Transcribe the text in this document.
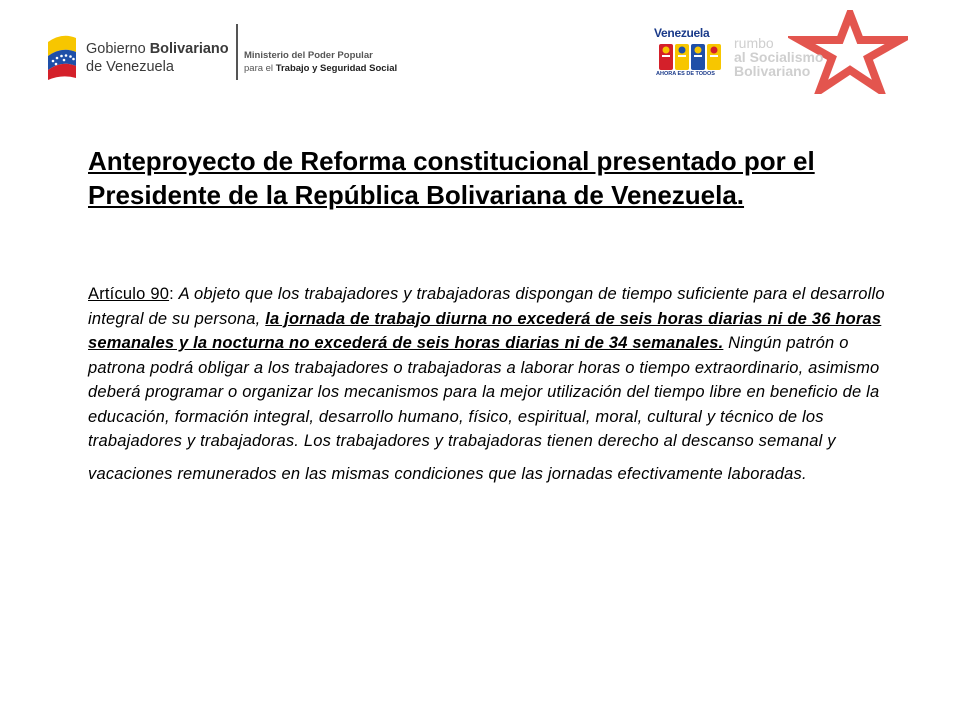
Gobierno Bolivariano
de Venezuela
Ministerio del Poder Popular
para el Trabajo y Seguridad Social
Venezuela
AHORA ES DE TODOS
rumbo
al Socialismo
Bolivariano
Anteproyecto de Reforma constitucional presentado por el Presidente de la República Bolivariana de Venezuela.

Artículo 90: A objeto que los trabajadores y trabajadoras dispongan de tiempo suficiente para el desarrollo integral de su persona, la jornada de trabajo diurna no excederá de seis horas diarias ni de 36 horas semanales y la nocturna no excederá de seis horas diarias ni de 34 semanales. Ningún patrón o patrona podrá obligar a los trabajadores o trabajadoras a laborar horas o tiempo extraordinario, asimismo deberá programar o organizar los mecanismos para la mejor utilización del tiempo libre en beneficio de la educación, formación integral, desarrollo humano, físico, espiritual, moral, cultural y técnico de los trabajadores y trabajadoras. Los trabajadores y trabajadoras tienen derecho al descanso semanal y vacaciones remunerados en las mismas condiciones que las jornadas efectivamente laboradas.
